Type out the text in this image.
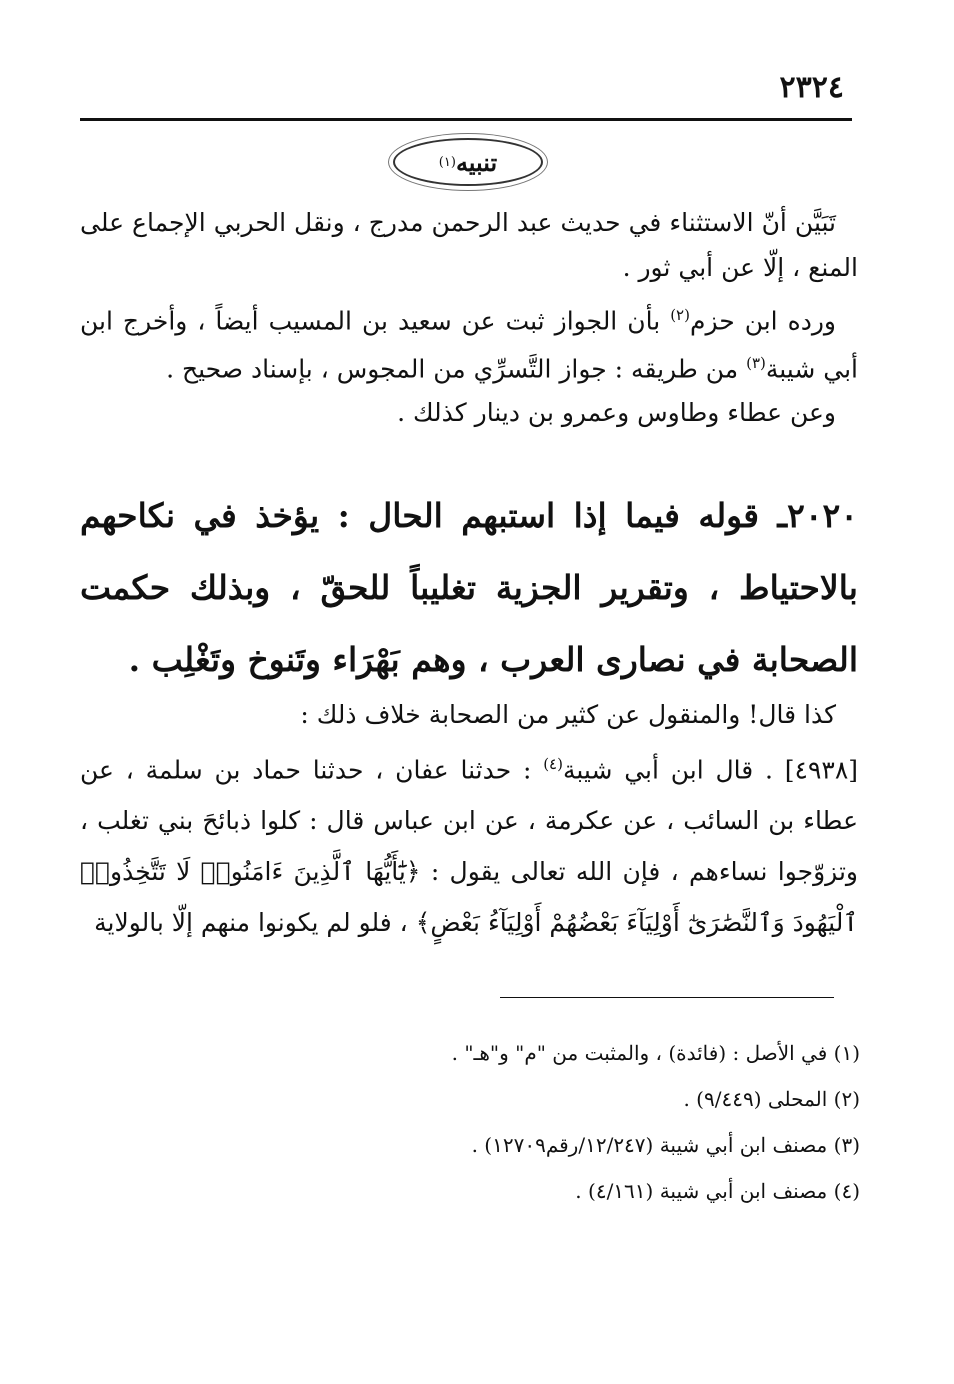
٢٣٢٤
تنبيه
(١)

تَبَيَّن أنّ الاستثناء في حديث عبد الرحمن مدرج ، ونقل الحربي الإجماع على المنع ، إلّا عن أبي ثور .

ورده ابن حزم$^{(٢)}$ بأن الجواز ثبت عن سعيد بن المسيب أيضاً ، وأخرج ابن أبي شيبة$^{(٣)}$ من طريقه : جواز التَّسرِّي من المجوس ، بإسناد صحيح .

وعن عطاء وطاوس وعمرو بن دينار كذلك .

٢٠٢٠ـ قوله فيما إذا استبهم الحال : يؤخذ في نكاحهم بالاحتياط ، وتقرير الجزية تغليباً للحقّ ، وبذلك حكمت الصحابة في نصارى العرب ، وهم بَهْرَاء وتَنوخ وتَغْلِب .

كذا قال! والمنقول عن كثير من الصحابة خلاف ذلك :

[٤٩٣٨] . قال ابن أبي شيبة$^{(٤)}$ : حدثنا عفان ، حدثنا حماد بن سلمة ، عن عطاء بن السائب ، عن عكرمة ، عن ابن عباس قال : كلوا ذبائحَ بني تغلب ، وتزوّجوا نساءهم ، فإن الله تعالى يقول : ﴿يَٰٓأَيُّهَا ٱلَّذِينَ ءَامَنُوا۟ لَا تَتَّخِذُوا۟ ٱلْيَهُودَ وَٱلنَّصَٰرَىٰٓ أَوْلِيَآءَ بَعْضُهُمْ أَوْلِيَآءُ بَعْضٍ﴾ ، فلو لم يكونوا منهم إلّا بالولاية

(١) في الأصل : (فائدة) ، والمثبت من "م" و"هـ" .

(٢) المحلى (٩/٤٤٩) .

(٣) مصنف ابن أبي شيبة (١٢/٢٤٧/رقم١٢٧٠٩) .

(٤) مصنف ابن أبي شيبة (٤/١٦١) .
